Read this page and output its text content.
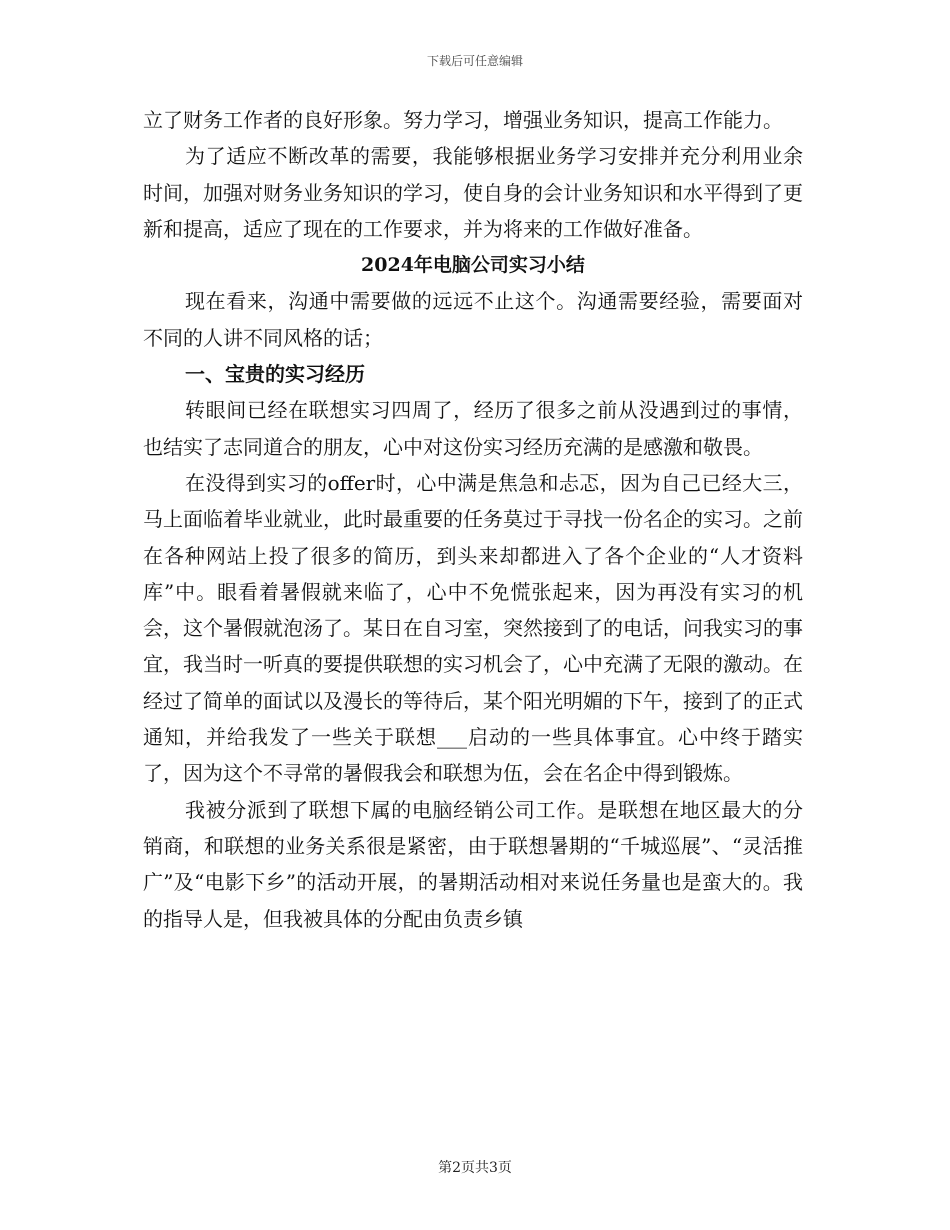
下载后可任意编辑

立了财务工作者的良好形象。努力学习，增强业务知识，提高工作能力。

为了适应不断改革的需要，我能够根据业务学习安排并充分利用业余时间，加强对财务业务知识的学习，使自身的会计业务知识和水平得到了更新和提高，适应了现在的工作要求，并为将来的工作做好准备。

2024年电脑公司实习小结

现在看来，沟通中需要做的远远不止这个。沟通需要经验，需要面对不同的人讲不同风格的话；

一、宝贵的实习经历

转眼间已经在联想实习四周了，经历了很多之前从没遇到过的事情，也结实了志同道合的朋友，心中对这份实习经历充满的是感激和敬畏。

在没得到实习的offer时，心中满是焦急和忐忑，因为自己已经大三，马上面临着毕业就业，此时最重要的任务莫过于寻找一份名企的实习。之前在各种网站上投了很多的简历，到头来却都进入了各个企业的“人才资料库”中。眼看着暑假就来临了，心中不免慌张起来，因为再没有实习的机会，这个暑假就泡汤了。某日在自习室，突然接到了的电话，问我实习的事宜，我当时一听真的要提供联想的实习机会了，心中充满了无限的激动。在经过了简单的面试以及漫长的等待后，某个阳光明媚的下午，接到了的正式通知，并给我发了一些关于联想___启动的一些具体事宜。心中终于踏实了，因为这个不寻常的暑假我会和联想为伍，会在名企中得到锻炼。

我被分派到了联想下属的电脑经销公司工作。是联想在地区最大的分销商，和联想的业务关系很是紧密，由于联想暑期的“千城巡展”、“灵活推广”及“电影下乡”的活动开展，的暑期活动相对来说任务量也是蛮大的。我的指导人是，但我被具体的分配由负责乡镇

第2页共3页
